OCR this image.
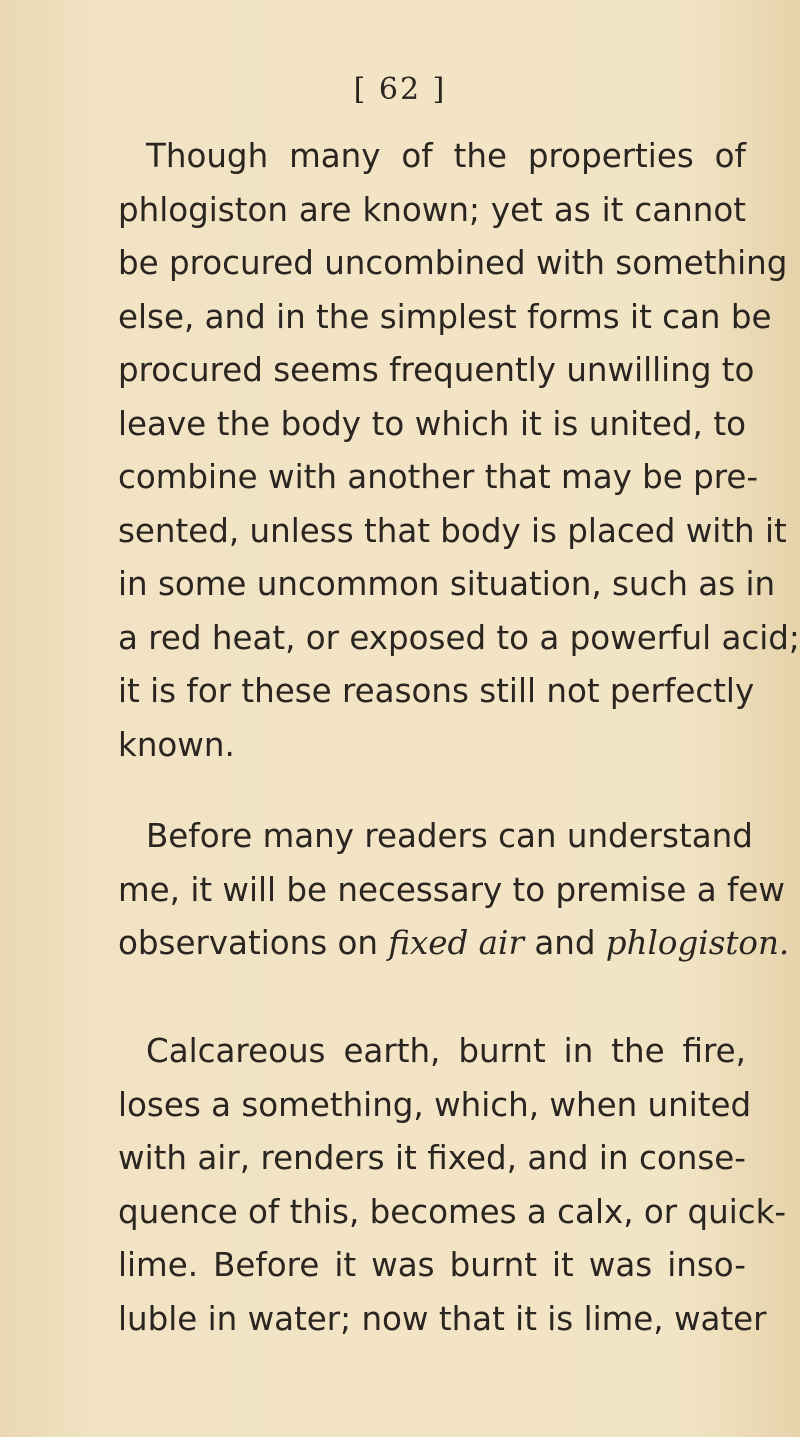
[ 62 ]
Though many of the properties of
phlogiston are known; yet as it cannot
be procured uncombined with something
else, and in the simplest forms it can be
procured seems frequently unwilling to
leave the body to which it is united, to
combine with another that may be pre-
sented, unless that body is placed with it
in some uncommon situation, such as in
a red heat, or exposed to a powerful acid;
it is for these reasons still not perfectly
known.
Before many readers can understand
me, it will be necessary to premise a few
observations on fixed air and phlogiston.
Calcareous earth, burnt in the fire,
loses a something, which, when united
with air, renders it fixed, and in conse-
quence of this, becomes a calx, or quick-
lime. Before it was burnt it was inso-
luble in water; now that it is lime, water
